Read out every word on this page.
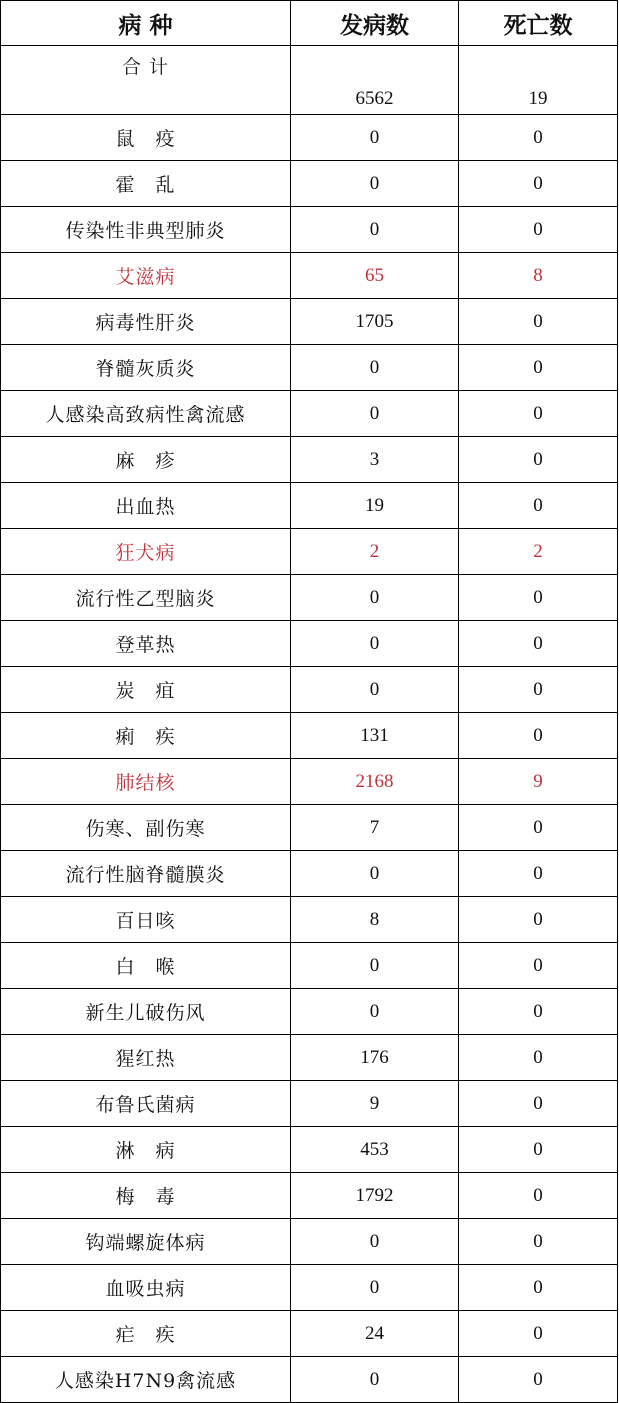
病 种	发病数	死亡数
合 计	6562	19
鼠　疫	0	0
霍　乱	0	0
传染性非典型肺炎	0	0
艾滋病	65	8
病毒性肝炎	1705	0
脊髓灰质炎	0	0
人感染高致病性禽流感	0	0
麻　疹	3	0
出血热	19	0
狂犬病	2	2
流行性乙型脑炎	0	0
登革热	0	0
炭　疽	0	0
痢　疾	131	0
肺结核	2168	9
伤寒、副伤寒	7	0
流行性脑脊髓膜炎	0	0
百日咳	8	0
白　喉	0	0
新生儿破伤风	0	0
猩红热	176	0
布鲁氏菌病	9	0
淋　病	453	0
梅　毒	1792	0
钩端螺旋体病	0	0
血吸虫病	0	0
疟　疾	24	0
人感染H7N9禽流感	0	0
